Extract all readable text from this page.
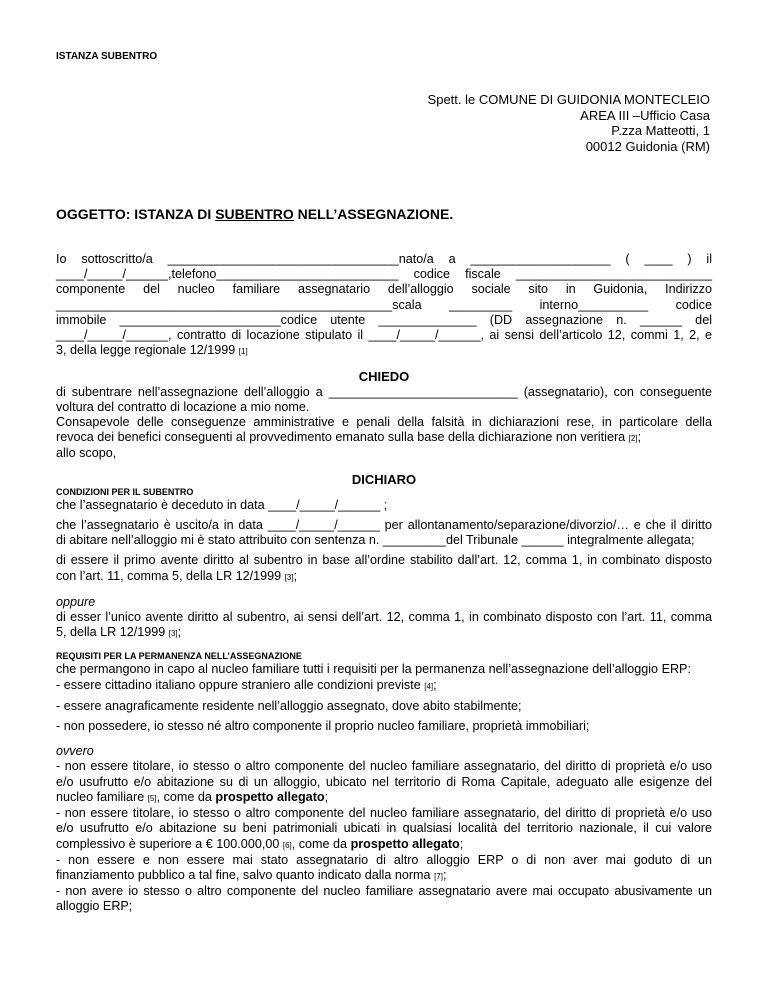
ISTANZA SUBENTRO
Spett. le COMUNE DI GUIDONIA MONTECLEIO
AREA III –Ufficio Casa
P.zza Matteotti, 1
00012 Guidonia (RM)
OGGETTO: ISTANZA DI SUBENTRO NELL’ASSEGNAZIONE.

Io sottoscritto/a _________________________________nato/a a ____________________ ( ____ ) il

____/_____/______,telefono__________________________ codice fiscale ____________________________

componente del nucleo familiare assegnatario dell’alloggio sociale sito in Guidonia, Indirizzo

________________________________________________scala _________ interno__________ codice

immobile _______________________codice utente ______________ (DD assegnazione n. ______ del

____/_____/______, contratto di locazione stipulato il ____/_____/______, ai sensi dell’articolo 12, commi 1, 2, e

3, della legge regionale 12/1999 [1]

CHIEDO

di subentrare nell’assegnazione dell’alloggio a ___________________________ (assegnatario), con conseguente

voltura del contratto di locazione a mio nome.

Consapevole delle conseguenze amministrative e penali della falsità in dichiarazioni rese, in particolare della

revoca dei benefici conseguenti al provvedimento emanato sulla base della dichiarazione non veritiera [2];

allo scopo,

DICHIARO

CONDIZIONI PER IL SUBENTRO

che l’assegnatario è deceduto in data ____/_____/______ ;

che l’assegnatario è uscito/a in data ____/_____/______ per allontanamento/separazione/divorzio/… e che il diritto

di abitare nell’alloggio mi è stato attribuito con sentenza n. _________del Tribunale ______ integralmente allegata;

di essere il primo avente diritto al subentro in base all’ordine stabilito dall’art. 12, comma 1, in combinato disposto

con l’art. 11, comma 5, della LR 12/1999 [3];

oppure

di esser l’unico avente diritto al subentro, ai sensi dell’art. 12, comma 1, in combinato disposto con l’art. 11, comma

5, della LR 12/1999 [3];

REQUISITI PER LA PERMANENZA NELL’ASSEGNAZIONE

che permangono in capo al nucleo familiare tutti i requisiti per la permanenza nell’assegnazione dell’alloggio ERP:

- essere cittadino italiano oppure straniero alle condizioni previste [4];

- essere anagraficamente residente nell’alloggio assegnato, dove abito stabilmente;

- non possedere, io stesso né altro componente il proprio nucleo familiare, proprietà immobiliari;

ovvero

- non essere titolare, io stesso o altro componente del nucleo familiare assegnatario, del diritto di proprietà e/o uso

e/o usufrutto e/o abitazione su di un alloggio, ubicato nel territorio di Roma Capitale, adeguato alle esigenze del

nucleo familiare [5], come da prospetto allegato;

- non essere titolare, io stesso o altro componente del nucleo familiare assegnatario, del diritto di proprietà e/o uso

e/o usufrutto e/o abitazione su beni patrimoniali ubicati in qualsiasi località del territorio nazionale, il cui valore

complessivo è superiore a € 100.000,00 [6], come da prospetto allegato;

- non essere e non essere mai stato assegnatario di altro alloggio ERP o di non aver mai goduto di un

finanziamento pubblico a tal fine, salvo quanto indicato dalla norma [7];

- non avere io stesso o altro componente del nucleo familiare assegnatario avere mai occupato abusivamente un

alloggio ERP;
